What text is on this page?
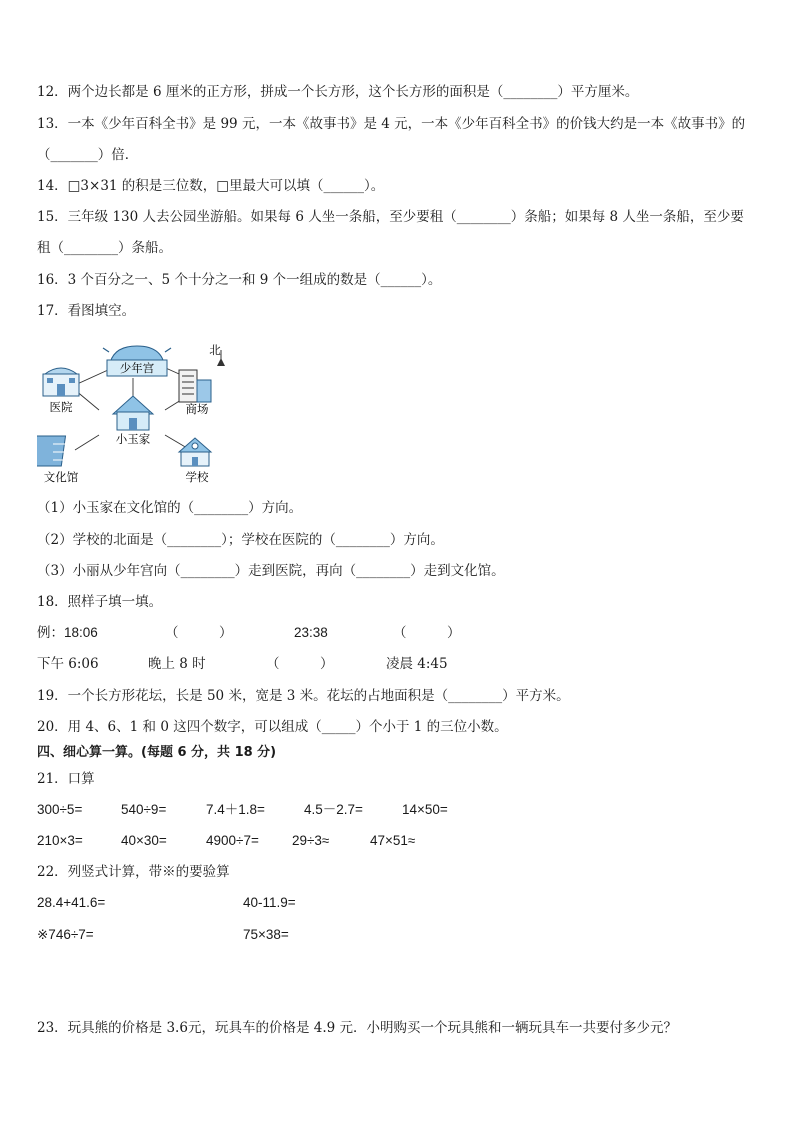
12．两个边长都是 6 厘米的正方形，拼成一个长方形，这个长方形的面积是（________）平方厘米。
13．一本《少年百科全书》是 99 元，一本《故事书》是 4 元，一本《少年百科全书》的价钱大约是一本《故事书》的
（_______）倍．
14．□3×31 的积是三位数，□里最大可以填（______）。
15．三年级 130 人去公园坐游船。如果每 6 人坐一条船，至少要租（________）条船；如果每 8 人坐一条船，至少要
租（________）条船。
16．3 个百分之一、5 个十分之一和 9 个一组成的数是（______）。
17．看图填空。
少年宫
北
医院	商场
小玉家
文化馆	学校
（1）小玉家在文化馆的（________）方向。
（2）学校的北面是（________）；学校在医院的（________）方向。
（3）小丽从少年宫向（________）走到医院，再向（________）走到文化馆。
18．照样子填一填。
例：18:06	（　　　）	23:38	（　　　）
下午 6:06	晚上 8 时	（　　　）	凌晨 4:45
19．一个长方形花坛，长是 50 米，宽是 3 米。花坛的占地面积是（________）平方米。
20．用 4、6、1 和 0 这四个数字，可以组成（_____）个小于 1 的三位小数。
四、细心算一算。(每题 6 分，共 18 分)
21．口算
300÷5=	540÷9=	7.4＋1.8=	4.5－2.7=	14×50=
210×3=	40×30=	4900÷7= 29÷3≈	47×51≈
22．列竖式计算，带※的要验算
28.4+41.6=	40-11.9=
※746÷7=	75×38=
23．玩具熊的价格是 3.6元，玩具车的价格是 4.9 元．小明购买一个玩具熊和一辆玩具车一共要付多少元？
